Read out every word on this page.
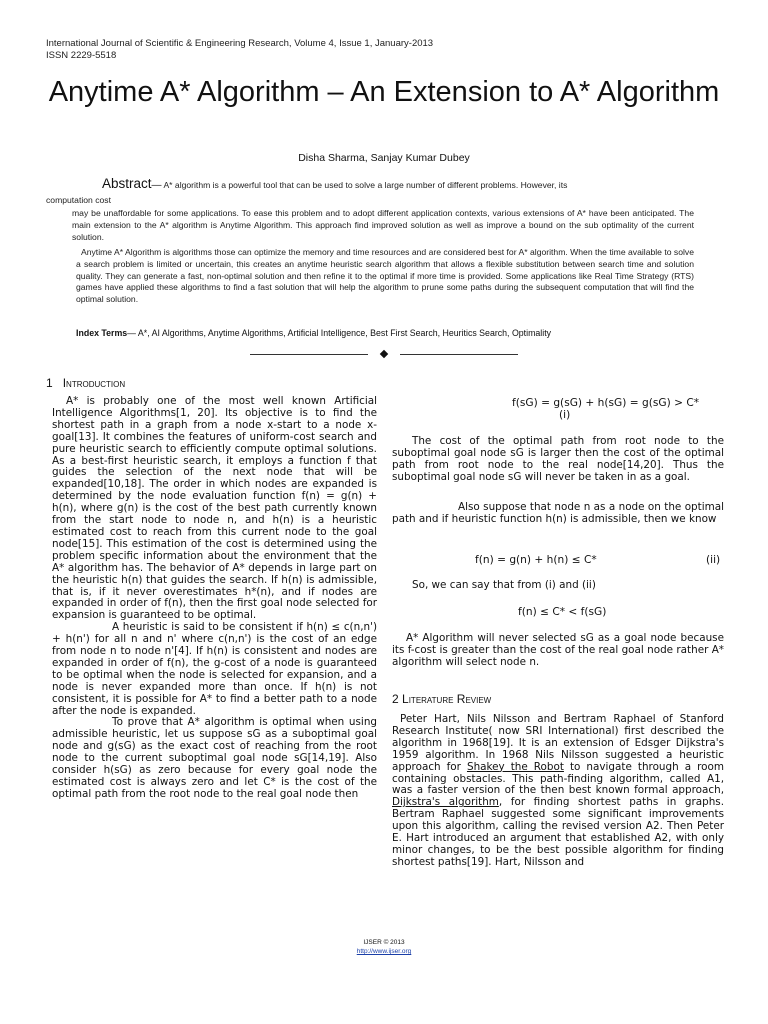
International Journal of Scientific & Engineering Research, Volume 4, Issue 1, January-2013
ISSN 2229-5518
Anytime A* Algorithm – An Extension to A* Algorithm
Disha Sharma, Sanjay Kumar Dubey
Abstract— A* algorithm is a powerful tool that can be used to solve a large number of different problems. However, its
computation cost
may be unaffordable for some applications. To ease this problem and to adopt different application contexts, various extensions of A* have been anticipated. The main extension to the A* algorithm is Anytime Algorithm. This approach find improved solution as well as improve a bound on the sub optimality of the current solution.
Anytime A* Algorithm is algorithms those can optimize the memory and time resources and are considered best for A* algorithm. When the time available to solve a search problem is limited or uncertain, this creates an anytime heuristic search algorithm that allows a flexible substitution between search time and solution quality. They can generate a fast, non-optimal solution and then refine it to the optimal if more time is provided. Some applications like Real Time Strategy (RTS) games have applied these algorithms to find a fast solution that will help the algorithm to prune some paths during the subsequent computation that will find the optimal solution.
Index Terms— A*, AI Algorithms, Anytime Algorithms, Artificial Intelligence, Best First Search, Heuritics Search, Optimality
1 Introduction

A* is probably one of the most well known Artificial Intelligence Algorithms[1, 20]. Its objective is to find the shortest path in a graph from a node x-start to a node x-goal[13]. It combines the features of uniform-cost search and pure heuristic search to efficiently compute optimal solutions. As a best-first heuristic search, it employs a function f that guides the selection of the next node that will be expanded[10,18]. The order in which nodes are expanded is determined by the node evaluation function f(n) = g(n) + h(n), where g(n) is the cost of the best path currently known from the start node to node n, and h(n) is a heuristic estimated cost to reach from this current node to the goal node[15]. This estimation of the cost is determined using the problem specific information about the environment that the A* algorithm has. The behavior of A* depends in large part on the heuristic h(n) that guides the search. If h(n) is admissible, that is, if it never overestimates h*(n), and if nodes are expanded in order of f(n), then the first goal node selected for expansion is guaranteed to be optimal.

A heuristic is said to be consistent if h(n) ≤ c(n,n') + h(n') for all n and n' where c(n,n') is the cost of an edge from node n to node n'[4]. If h(n) is consistent and nodes are expanded in order of f(n), the g-cost of a node is guaranteed to be optimal when the node is selected for expansion, and a node is never expanded more than once. If h(n) is not consistent, it is possible for A* to find a better path to a node after the node is expanded.

To prove that A* algorithm is optimal when using admissible heuristic, let us suppose sG as a suboptimal goal node and g(sG) as the exact cost of reaching from the root node to the current suboptimal goal node sG[14,19]. Also consider h(sG) as zero because for every goal node the estimated cost is always zero and let C* is the cost of the optimal path from the root node to the real goal node then

f(sG) = g(sG) + h(sG) = g(sG) > C*
(i)
The cost of the optimal path from root node to the suboptimal goal node sG is larger then the cost of the optimal path from root node to the real node[14,20]. Thus the suboptimal goal node sG will never be taken in as a goal.
Also suppose that node n as a node on the optimal path and if heuristic function h(n) is admissible, then we know
f(n) = g(n) + h(n) ≤ C*	(ii)
So, we can say that from (i) and (ii)
f(n) ≤ C* < f(sG)
A* Algorithm will never selected sG as a goal node because its f-cost is greater than the cost of the real goal node rather A* algorithm will select node n.
2 Literature Review
Peter Hart, Nils Nilsson and Bertram Raphael of Stanford Research Institute( now SRI International) first described the algorithm in 1968[19]. It is an extension of Edsger Dijkstra's 1959 algorithm. In 1968 Nils Nilsson suggested a heuristic approach for Shakey the Robot to navigate through a room containing obstacles. This path-finding algorithm, called A1, was a faster version of the then best known formal approach, Dijkstra's algorithm, for finding shortest paths in graphs. Bertram Raphael suggested some significant improvements upon this algorithm, calling the revised version A2. Then Peter E. Hart introduced an argument that established A2, with only minor changes, to be the best possible algorithm for finding shortest paths[19]. Hart, Nilsson and
IJSER © 2013
http://www.ijser.org
